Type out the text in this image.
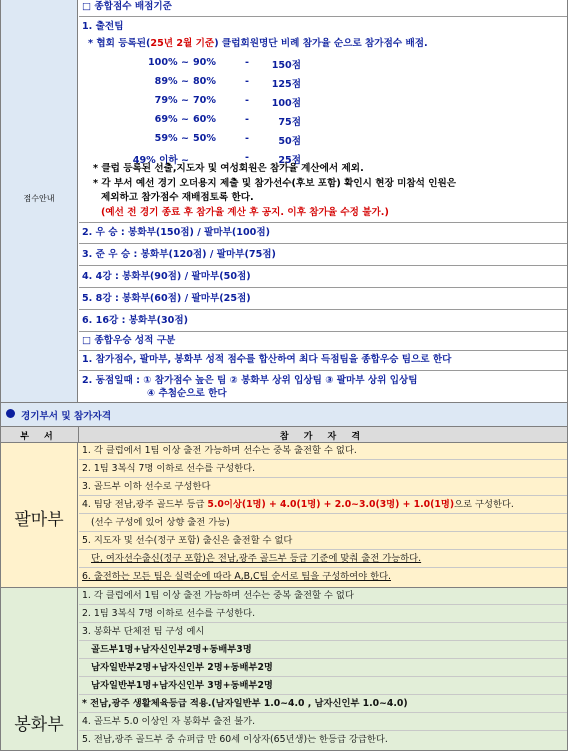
점수안내
□ 종합점수 배점기준
1. 출전팀
* 협회 등록된(25년 2월 기준) 클럽회원명단 비례 참가율 순으로 참가점수 배점.
100% ~ 90%	-	150점
89% ~ 80%	-	125점
79% ~ 70%	-	100점
69% ~ 60%	-	75점
59% ~ 50%	-	50점
49% 이하 ~	-	25점
* 클럽 등록된 선출,지도자 및 여성회원은 참가율 계산에서 제외.
* 각 부서 예선 경기 오더용지 제출 및 참가선수(후보 포함) 확인시 현장 미참석 인원은
제외하고 참가점수 재배점토록 한다.
(예선 전 경기 종료 후 참가율 계산 후 공지. 이후 참가율 수정 불가.)
2. 우 승 : 봉화부(150점) / 팔마부(100점)
3. 준 우 승 : 봉화부(120점) / 팔마부(75점)
4. 4강 : 봉화부(90점) / 팔마부(50점)
5. 8강 : 봉화부(60점) / 팔마부(25점)
6. 16강 : 봉화부(30점)
□ 종합우승 성적 구분
1. 참가점수, 팔마부, 봉화부 성적 점수를 합산하여 최다 득점팀을 종합우승 팀으로 한다
2. 동점일때 : ① 참가점수 높은 팀 ② 봉화부 상위 입상팀 ③ 팔마부 상위 입상팀
④ 추첨순으로 한다
경기부서 및 참가자격
부 서	참 가 자 격
팔마부
1. 각 클럽에서 1팀 이상 출전 가능하며 선수는 중복 출전할 수 없다.
2. 1팀 3복식 7명 이하로 선수를 구성한다.
3. 골드부 이하 선수로 구성한다
4. 팀당 전남,광주 골드부 등급 5.0이상(1명) + 4.0(1명) + 2.0~3.0(3명) + 1.0(1명)으로 구성한다.
(선수 구성에 있어 상향 출전 가능)
5. 지도자 및 선수(정구 포함) 출신은 출전할 수 없다
단, 여자선수출신(정구 포함)은 전남,광주 골드부 등급 기준에 맞춰 출전 가능하다.
6. 출전하는 모든 팀은 실력순에 따라 A,B,C팀 순서로 팀을 구성하여야 한다.
봉화부
1. 각 클럽에서 1팀 이상 출전 가능하며 선수는 중복 출전할 수 없다
2. 1팀 3복식 7명 이하로 선수를 구성한다.
3. 봉화부 단체전 팀 구성 예시
골드부1명+남자신인부2명+동배부3명
남자일반부2명+남자신인부 2명+동배부2명
남자일반부1명+남자신인부 3명+동배부2명
* 전남,광주 생활체육등급 적용.(남자일반부 1.0~4.0 , 남자신인부 1.0~4.0)
4. 골드부 5.0 이상인 자 봉화부 출전 불가.
5. 전남,광주 골드부 중 슈퍼급 만 60세 이상자(65년생)는 한등급 강급한다.
